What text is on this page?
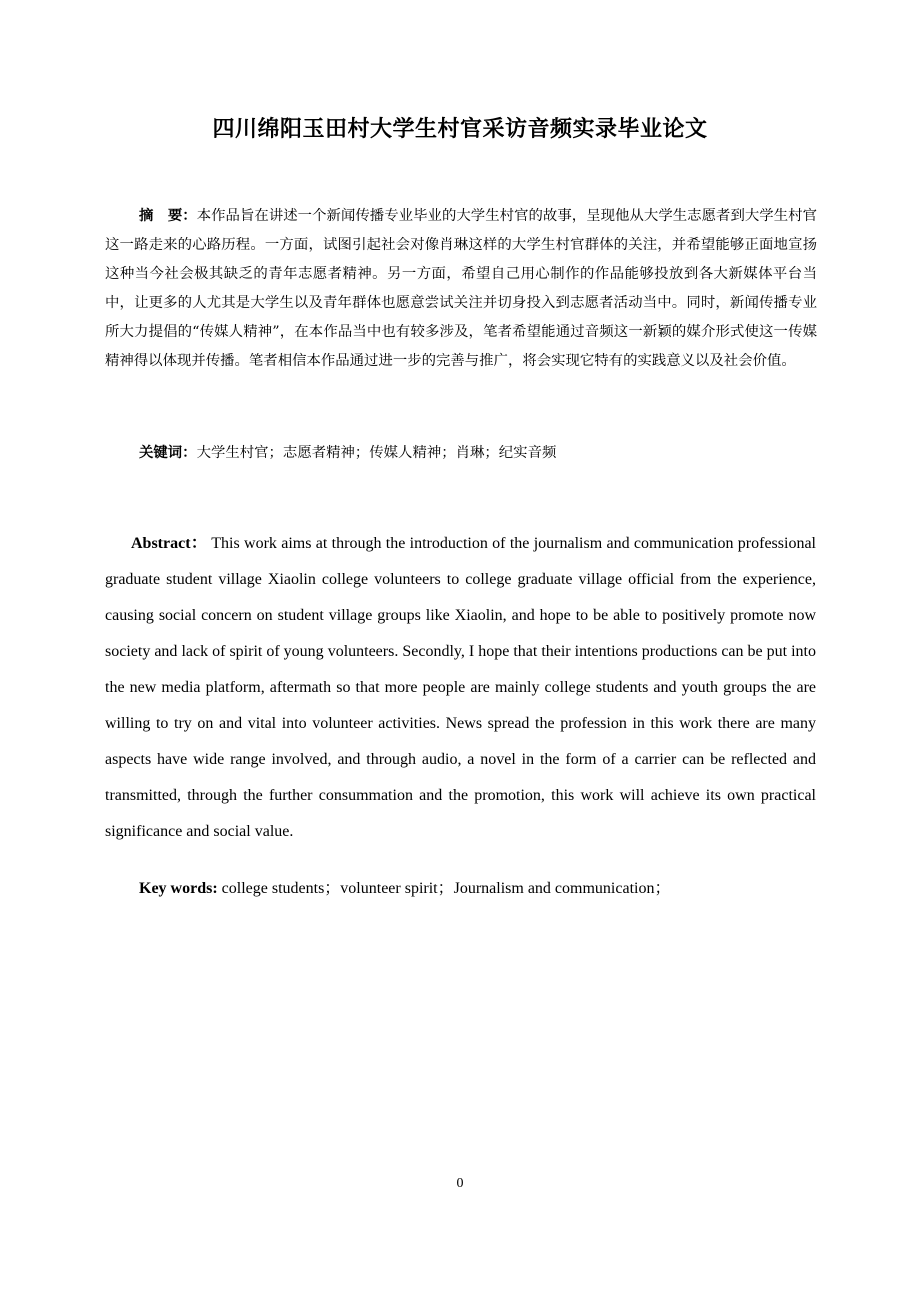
四川绵阳玉田村大学生村官采访音频实录毕业论文

摘　要：本作品旨在讲述一个新闻传播专业毕业的大学生村官的故事，呈现他从大学生志愿者到大学生村官这一路走来的心路历程。一方面，试图引起社会对像肖琳这样的大学生村官群体的关注，并希望能够正面地宣扬这种当今社会极其缺乏的青年志愿者精神。另一方面，希望自己用心制作的作品能够投放到各大新媒体平台当中，让更多的人尤其是大学生以及青年群体也愿意尝试关注并切身投入到志愿者活动当中。同时，新闻传播专业所大力提倡的“传媒人精神”，在本作品当中也有较多涉及，笔者希望能通过音频这一新颖的媒介形式使这一传媒精神得以体现并传播。笔者相信本作品通过进一步的完善与推广，将会实现它特有的实践意义以及社会价值。

关键词：大学生村官；志愿者精神；传媒人精神；肖琳；纪实音频

Abstract： This work aims at through the introduction of the journalism and communication professional graduate student village Xiaolin college volunteers to college graduate village official from the experience, causing social concern on student village groups like Xiaolin, and hope to be able to positively promote now society and lack of spirit of young volunteers. Secondly, I hope that their intentions productions can be put into the new media platform, aftermath so that more people are mainly college students and youth groups the are willing to try on and vital into volunteer activities. News spread the profession in this work there are many aspects have wide range involved, and through audio, a novel in the form of a carrier can be reflected and transmitted, through the further consummation and the promotion, this work will achieve its own practical significance and social value.

Key words: college students；volunteer spirit；Journalism and communication；

0
